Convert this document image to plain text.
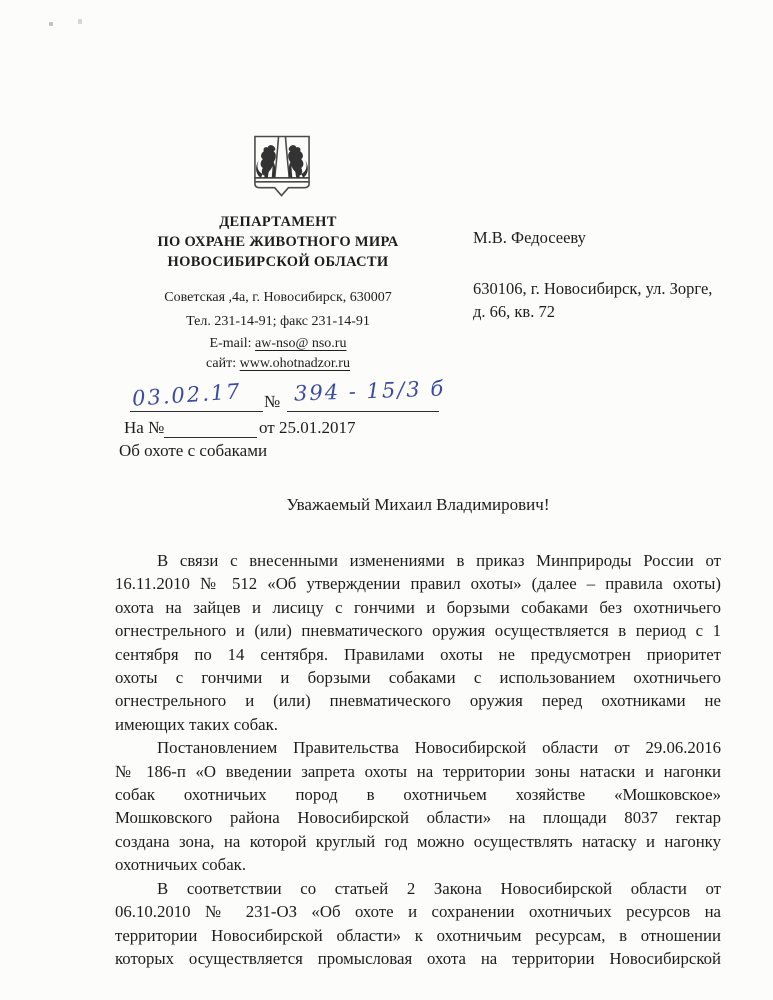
ДЕПАРТАМЕНТ
ПО ОХРАНЕ ЖИВОТНОГО МИРА
НОВОСИБИРСКОЙ ОБЛАСТИ
Советская ,4а, г. Новосибирск, 630007
Тел. 231-14-91; факс 231-14-91
E-mail: aw-nso@ nso.ru
сайт: www.ohotnadzor.ru
М.В. Федосееву
630106, г. Новосибирск, ул. Зорге,
д. 66, кв. 72
03.02.17 № 394 - 15/3 б
На №	от 25.01.2017
Об охоте с собаками
Уважаемый Михаил Владимирович!
В связи с внесенными изменениями в приказ Минприроды России от
16.11.2010 № 512 «Об утверждении правил охоты» (далее – правила охоты)
охота на зайцев и лисицу с гончими и борзыми собаками без охотничьего
огнестрельного и (или) пневматического оружия осуществляется в период с 1
сентября по 14 сентября. Правилами охоты не предусмотрен приоритет
охоты с гончими и борзыми собаками с использованием охотничьего
огнестрельного и (или) пневматического оружия перед охотниками не
имеющих таких собак.
Постановлением Правительства Новосибирской области от 29.06.2016
№ 186-п «О введении запрета охоты на территории зоны натаски и нагонки
собак охотничьих пород в охотничьем хозяйстве «Мошковское»
Мошковского района Новосибирской области» на площади 8037 гектар
создана зона, на которой круглый год можно осуществлять натаску и нагонку
охотничьих собак.
В соответствии со статьей 2 Закона Новосибирской области от
06.10.2010 № 231-ОЗ «Об охоте и сохранении охотничьих ресурсов на
территории Новосибирской области» к охотничьим ресурсам, в отношении
которых осуществляется промысловая охота на территории Новосибирской
